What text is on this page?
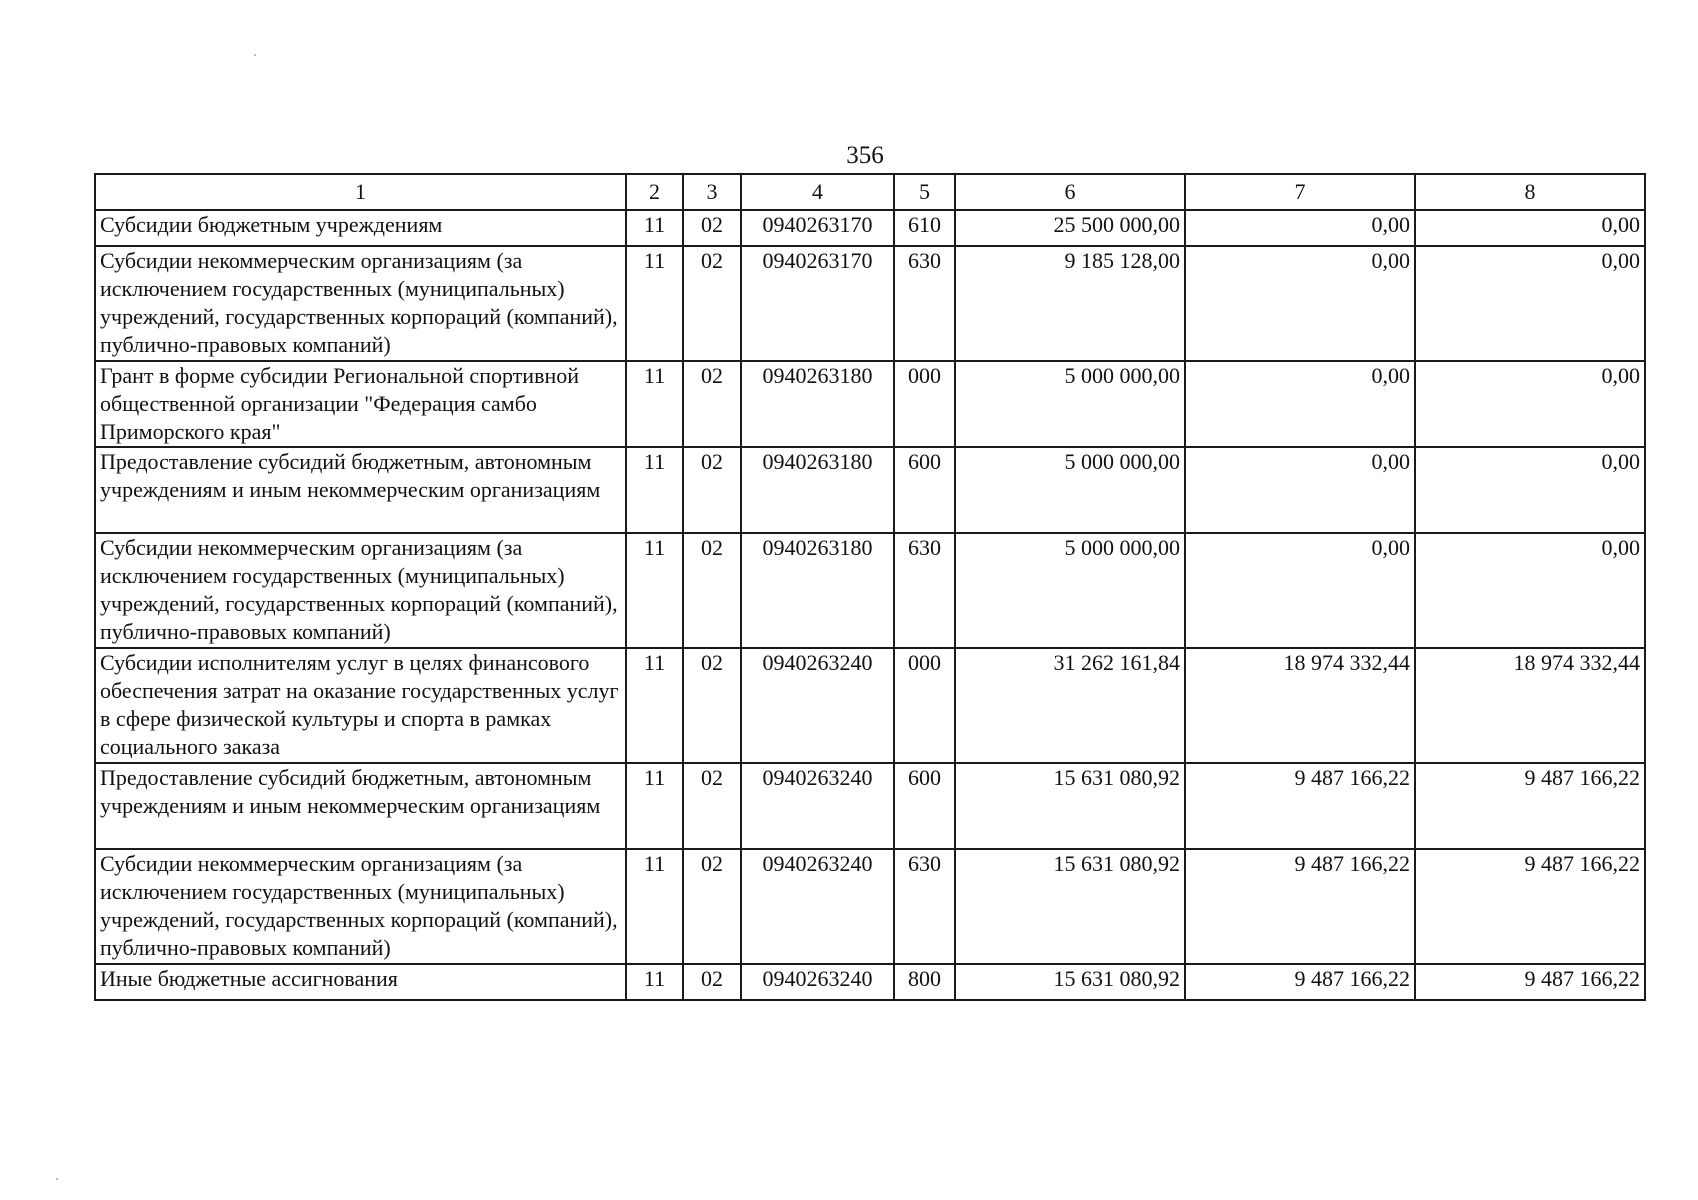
356
1	2	3	4	5	6	7	8
Субсидии бюджетным учреждениям	11	02	0940263170	610	25 500 000,00	0,00	0,00
Субсидии некоммерческим организациям (за исключением государственных (муниципальных) учреждений, государственных корпораций (компаний), публично-правовых компаний)	11	02	0940263170	630	9 185 128,00	0,00	0,00
Грант в форме субсидии Региональной спортивной общественной организации "Федерация самбо Приморского края"	11	02	0940263180	000	5 000 000,00	0,00	0,00
Предоставление субсидий бюджетным, автономным учреждениям и иным некоммерческим организациям	11	02	0940263180	600	5 000 000,00	0,00	0,00
Субсидии некоммерческим организациям (за исключением государственных (муниципальных) учреждений, государственных корпораций (компаний), публично-правовых компаний)	11	02	0940263180	630	5 000 000,00	0,00	0,00
Субсидии исполнителям услуг в целях финансового обеспечения затрат на оказание государственных услуг в сфере физической культуры и спорта в рамках социального заказа	11	02	0940263240	000	31 262 161,84	18 974 332,44	18 974 332,44
Предоставление субсидий бюджетным, автономным учреждениям и иным некоммерческим организациям	11	02	0940263240	600	15 631 080,92	9 487 166,22	9 487 166,22
Субсидии некоммерческим организациям (за исключением государственных (муниципальных) учреждений, государственных корпораций (компаний), публично-правовых компаний)	11	02	0940263240	630	15 631 080,92	9 487 166,22	9 487 166,22
Иные бюджетные ассигнования	11	02	0940263240	800	15 631 080,92	9 487 166,22	9 487 166,22
